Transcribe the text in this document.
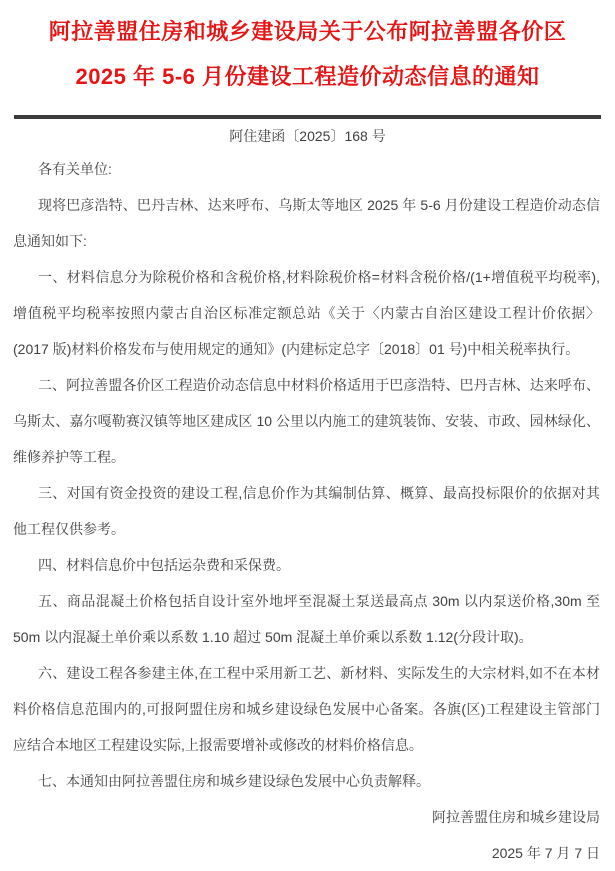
阿拉善盟住房和城乡建设局关于公布阿拉善盟各价区
2025 年 5-6 月份建设工程造价动态信息的通知
阿住建函〔2025〕168 号

各有关单位:

现将巴彦浩特、巴丹吉林、达来呼布、乌斯太等地区 2025 年 5-6 月份建设工程造价动态信息通知如下:

一、材料信息分为除税价格和含税价格,材料除税价格=材料含税价格/(1+增值税平均税率),增值税平均税率按照内蒙古自治区标准定额总站《关于〈内蒙古自治区建设工程计价依据〉(2017 版)材料价格发布与使用规定的通知》(内建标定总字〔2018〕01 号)中相关税率执行。

二、阿拉善盟各价区工程造价动态信息中材料价格适用于巴彦浩特、巴丹吉林、达来呼布、乌斯太、嘉尔嘎勒赛汉镇等地区建成区 10 公里以内施工的建筑装饰、安装、市政、园林绿化、维修养护等工程。

三、对国有资金投资的建设工程,信息价作为其编制估算、概算、最高投标限价的依据对其他工程仅供参考。

四、材料信息价中包括运杂费和采保费。

五、商品混凝土价格包括自设计室外地坪至混凝土泵送最高点 30m 以内泵送价格,30m 至 50m 以内混凝土单价乘以系数 1.10 超过 50m 混凝土单价乘以系数 1.12(分段计取)。

六、建设工程各参建主体,在工程中采用新工艺、新材料、实际发生的大宗材料,如不在本材料价格信息范围内的,可报阿盟住房和城乡建设绿色发展中心备案。各旗(区)工程建设主管部门应结合本地区工程建设实际,上报需要增补或修改的材料价格信息。

七、本通知由阿拉善盟住房和城乡建设绿色发展中心负责解释。

阿拉善盟住房和城乡建设局

2025 年 7 月 7 日
